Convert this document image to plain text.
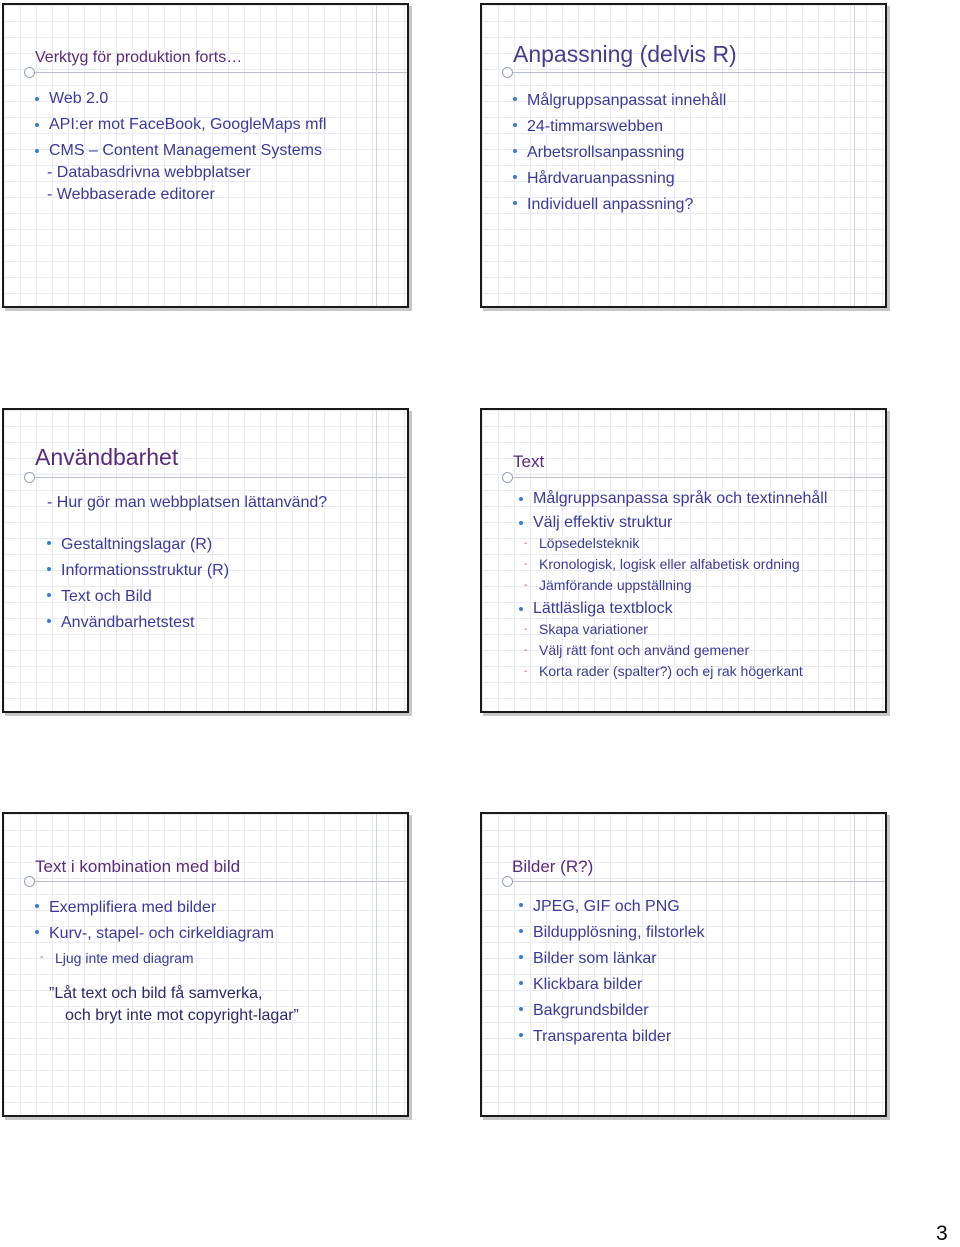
Verktyg för produktion forts…
Web 2.0
API:er mot FaceBook, GoogleMaps mfl
CMS – Content Management Systems
- Databasdrivna webbplatser
- Webbaserade editorer
Anpassning (delvis R)
Målgruppsanpassat innehåll
24-timmarswebben
Arbetsrollsanpassning
Hårdvaruanpassning
Individuell anpassning?
Användbarhet
- Hur gör man webbplatsen lättanvänd?
Gestaltningslagar (R)
Informationsstruktur (R)
Text och Bild
Användbarhetstest
Text
Målgruppsanpassa språk och textinnehåll
Välj effektiv struktur
- Löpsedelsteknik
- Kronologisk, logisk eller alfabetisk ordning
- Jämförande uppställning
Lättläsliga textblock
- Skapa variationer
- Välj rätt font och använd gemener
- Korta rader (spalter?) och ej rak högerkant
Text i kombination med bild
Exemplifiera med bilder
Kurv-, stapel- och cirkeldiagram
- Ljug inte med diagram
”Låt text och bild få samverka,
och bryt inte mot copyright-lagar”
Bilder (R?)
JPEG, GIF och PNG
Bildupplösning, filstorlek
Bilder som länkar
Klickbara bilder
Bakgrundsbilder
Transparenta bilder
3
